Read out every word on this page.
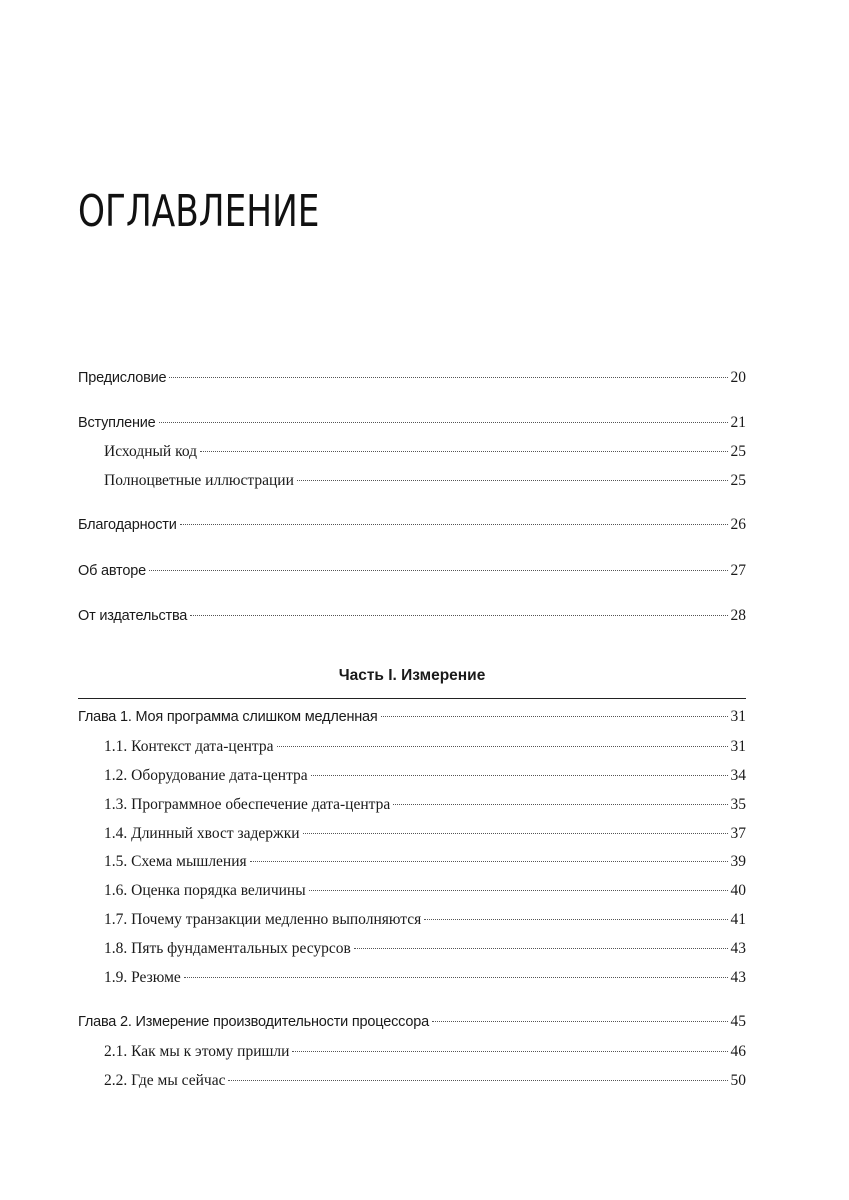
ОГЛАВЛЕНИЕ
Предисловие	20
Вступление	21
Исходный код	25
Полноцветные иллюстрации	25
Благодарности	26
Об авторе	27
От издательства	28
Часть I. Измерение
Глава 1. Моя программа слишком медленная	31
1.1. Контекст дата-центра	31
1.2. Оборудование дата-центра	34
1.3. Программное обеспечение дата-центра	35
1.4. Длинный хвост задержки	37
1.5. Схема мышления	39
1.6. Оценка порядка величины	40
1.7. Почему транзакции медленно выполняются	41
1.8. Пять фундаментальных ресурсов	43
1.9. Резюме	43
Глава 2. Измерение производительности процессора	45
2.1. Как мы к этому пришли	46
2.2. Где мы сейчас	50
